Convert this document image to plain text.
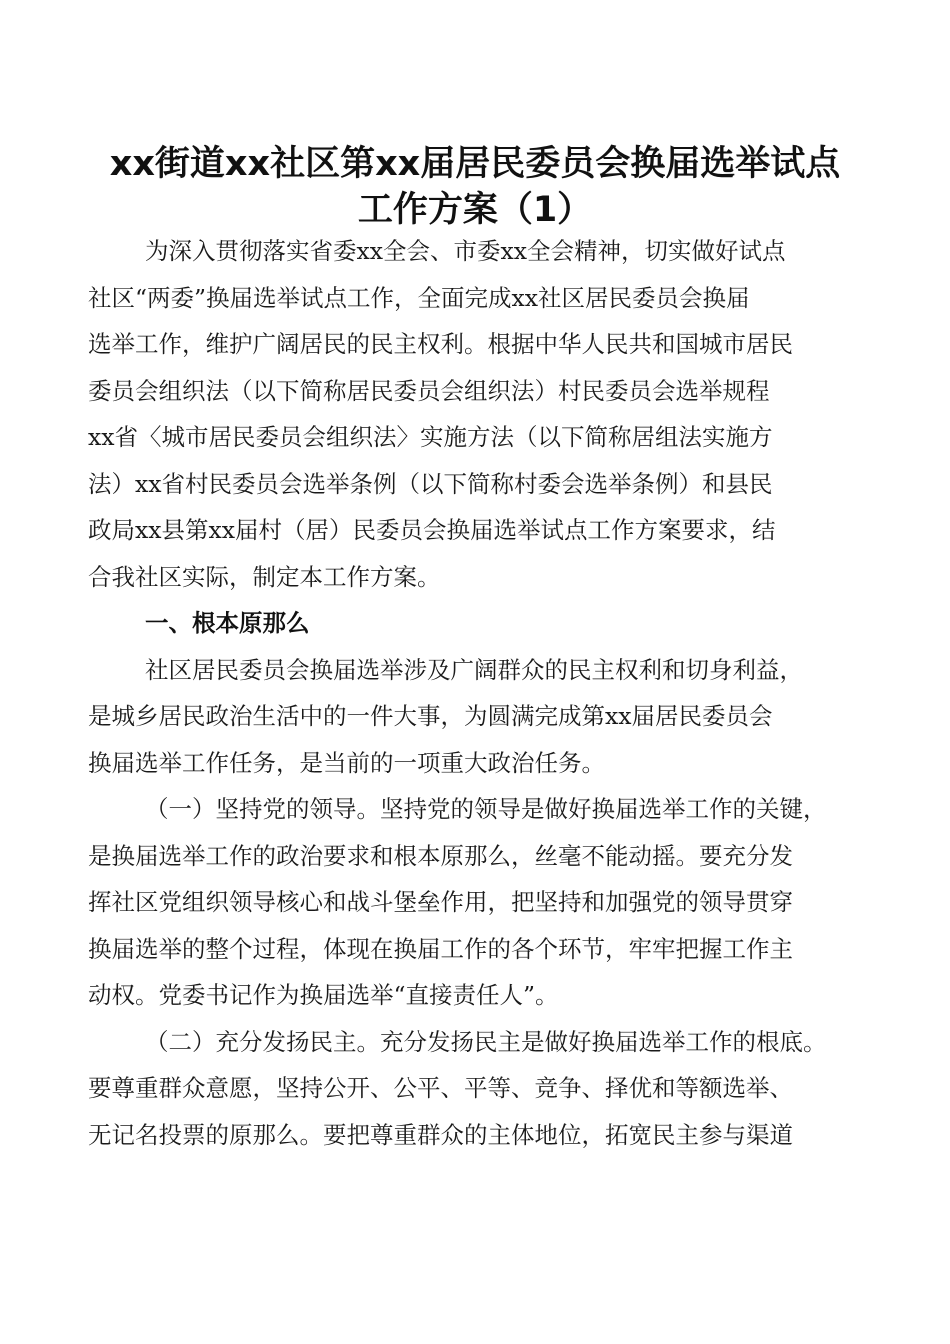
xx街道xx社区第xx届居民委员会换届选举试点
工作方案（1）

为深入贯彻落实省委xx全会、市委xx全会精神，切实做好试点

社区“两委”换届选举试点工作，全面完成xx社区居民委员会换届

选举工作，维护广阔居民的民主权利。根据中华人民共和国城市居民

委员会组织法（以下简称居民委员会组织法）村民委员会选举规程

xx省〈城市居民委员会组织法〉实施方法（以下简称居组法实施方

法）xx省村民委员会选举条例（以下简称村委会选举条例）和县民

政局xx县第xx届村（居）民委员会换届选举试点工作方案要求，结

合我社区实际，制定本工作方案。

一、根本原那么

社区居民委员会换届选举涉及广阔群众的民主权利和切身利益，

是城乡居民政治生活中的一件大事，为圆满完成第xx届居民委员会

换届选举工作任务，是当前的一项重大政治任务。

（一）坚持党的领导。坚持党的领导是做好换届选举工作的关键，

是换届选举工作的政治要求和根本原那么，丝毫不能动摇。要充分发

挥社区党组织领导核心和战斗堡垒作用，把坚持和加强党的领导贯穿

换届选举的整个过程，体现在换届工作的各个环节，牢牢把握工作主

动权。党委书记作为换届选举“直接责任人”。

（二）充分发扬民主。充分发扬民主是做好换届选举工作的根底。

要尊重群众意愿，坚持公开、公平、平等、竞争、择优和等额选举、

无记名投票的原那么。要把尊重群众的主体地位，拓宽民主参与渠道
